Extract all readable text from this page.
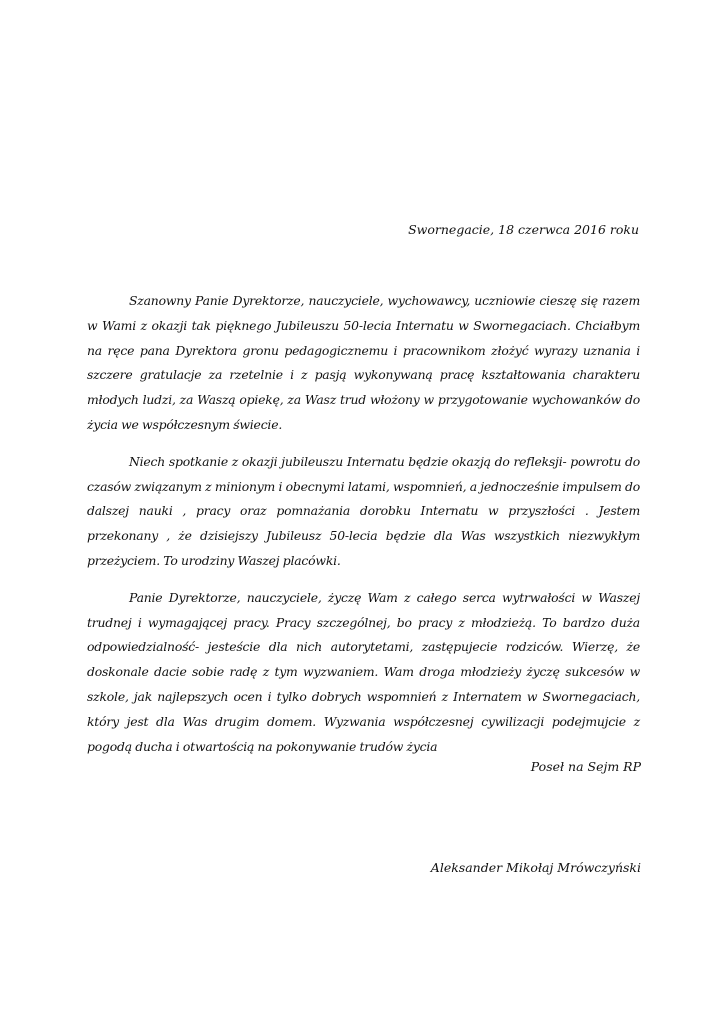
Swornegacie, 18 czerwca 2016 roku

Szanowny Panie Dyrektorze, nauczyciele, wychowawcy, uczniowie cieszę się razem w Wami z okazji tak pięknego Jubileuszu 50-lecia Internatu w Swornegaciach. Chciałbym na ręce pana Dyrektora gronu pedagogicznemu i pracownikom złożyć wyrazy uznania i szczere gratulacje za rzetelnie i z pasją wykonywaną pracę kształtowania charakteru młodych ludzi, za Waszą opiekę, za Wasz trud włożony w przygotowanie wychowanków do życia we współczesnym świecie.

Niech spotkanie z okazji jubileuszu Internatu będzie okazją do refleksji- powrotu do czasów związanym z minionym i obecnymi latami, wspomnień, a jednocześnie impulsem do dalszej nauki , pracy oraz pomnażania dorobku Internatu w przyszłości . Jestem przekonany , że dzisiejszy Jubileusz 50-lecia będzie dla Was wszystkich niezwykłym przeżyciem. To urodziny Waszej placówki.

Panie Dyrektorze, nauczyciele, życzę Wam z całego serca wytrwałości w Waszej trudnej i wymagającej pracy. Pracy szczególnej, bo pracy z młodzieżą. To bardzo duża odpowiedzialność- jesteście dla nich autorytetami, zastępujecie rodziców. Wierzę, że doskonale dacie sobie radę z tym wyzwaniem. Wam droga młodzieży życzę sukcesów w szkole, jak najlepszych ocen i tylko dobrych wspomnień z Internatem w Swornegaciach, który jest dla Was drugim domem. Wyzwania współczesnej cywilizacji podejmujcie z pogodą ducha i otwartością na pokonywanie trudów życia

Poseł na Sejm RP
Aleksander Mikołaj Mrówczyński
